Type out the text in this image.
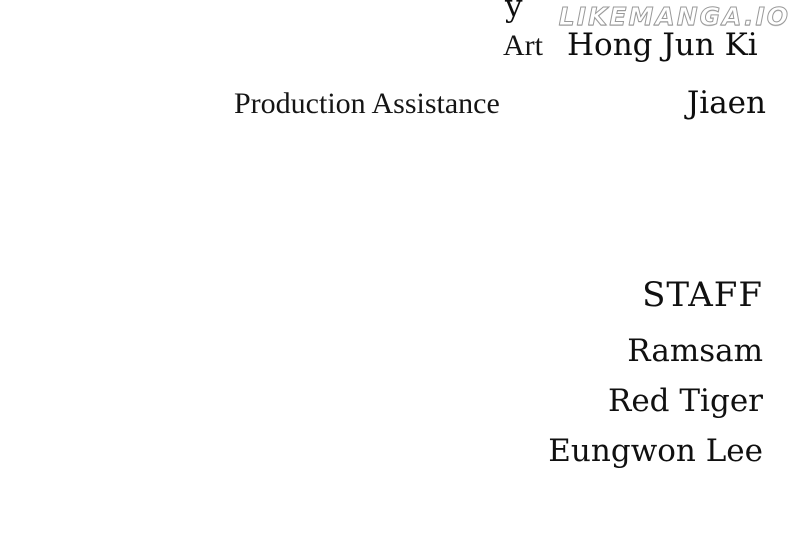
LIKEMANGA.IO
y
Art Hong Jun Ki
Production Assistance	Jiaen
STAFF
Ramsam
Red Tiger
Eungwon Lee
